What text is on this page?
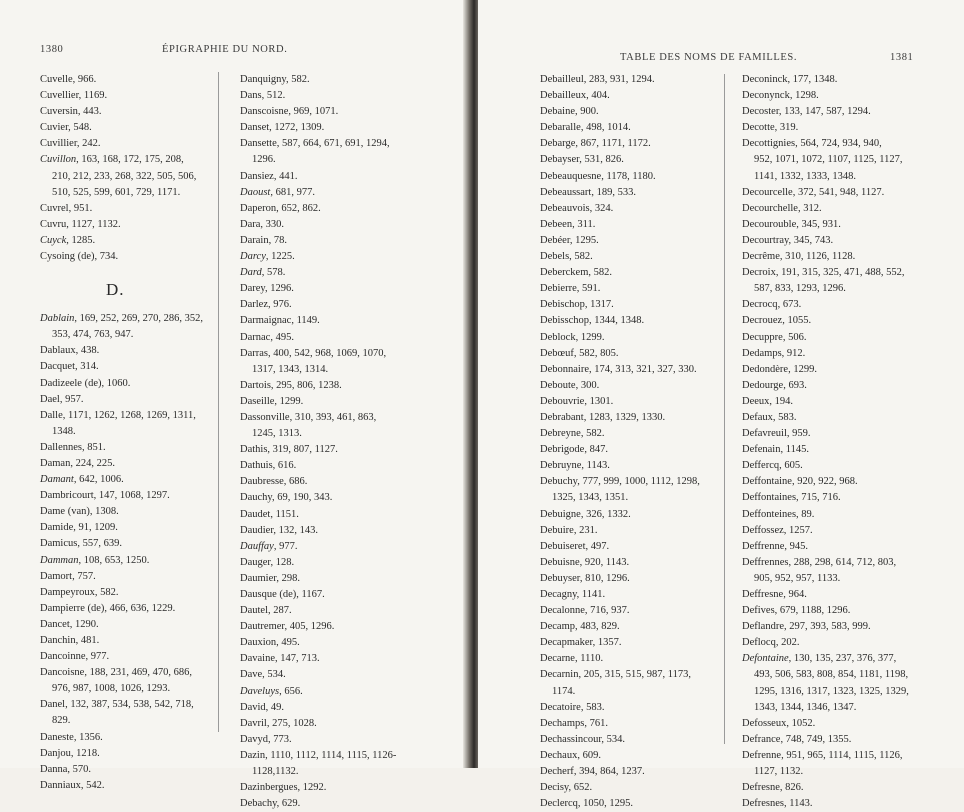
1380	ÉPIGRAPHIE DU NORD.
Cuvelle, 966.
Cuvellier, 1169.
Cuversin, 443.
Cuvier, 548.
Cuvillier, 242.
Cuvillon, 163, 168, 172, 175, 208,
210, 212, 233, 268, 322, 505, 506,
510, 525, 599, 601, 729, 1171.
Cuvrel, 951.
Cuvru, 1127, 1132.
Cuyck, 1285.
Cysoing (de), 734.
D.
Dablain, 169, 252, 269, 270, 286, 352,
353, 474, 763, 947.
Dablaux, 438.
Dacquet, 314.
Dadizeele (de), 1060.
Dael, 957.
Dalle, 1171, 1262, 1268, 1269, 1311,
1348.
Dallennes, 851.
Daman, 224, 225.
Damant, 642, 1006.
Dambricourt, 147, 1068, 1297.
Dame (van), 1308.
Damide, 91, 1209.
Damicus, 557, 639.
Damman, 108, 653, 1250.
Damort, 757.
Dampeyroux, 582.
Dampierre (de), 466, 636, 1229.
Dancet, 1290.
Danchin, 481.
Dancoinne, 977.
Dancoisne, 188, 231, 469, 470, 686,
976, 987, 1008, 1026, 1293.
Danel, 132, 387, 534, 538, 542, 718,
829.
Daneste, 1356.
Danjou, 1218.
Danna, 570.
Danniaux, 542.
Danquigny, 582.
Dans, 512.
Danscoisne, 969, 1071.
Danset, 1272, 1309.
Dansette, 587, 664, 671, 691, 1294,
1296.
Dansiez, 441.
Daoust, 681, 977.
Daperon, 652, 862.
Dara, 330.
Darain, 78.
Darcy, 1225.
Dard, 578.
Darey, 1296.
Darlez, 976.
Darmaignac, 1149.
Darnac, 495.
Darras, 400, 542, 968, 1069, 1070,
1317, 1343, 1314.
Dartois, 295, 806, 1238.
Daseille, 1299.
Dassonville, 310, 393, 461, 863,
1245, 1313.
Dathis, 319, 807, 1127.
Dathuis, 616.
Daubresse, 686.
Dauchy, 69, 190, 343.
Daudet, 1151.
Daudier, 132, 143.
Dauffay, 977.
Dauger, 128.
Daumier, 298.
Dausque (de), 1167.
Dautel, 287.
Dautremer, 405, 1296.
Dauxion, 495.
Davaine, 147, 713.
Dave, 534.
Daveluys, 656.
David, 49.
Davril, 275, 1028.
Davyd, 773.
Dazin, 1110, 1112, 1114, 1115, 1126-
1128,1132.
Dazinbergues, 1292.
Debachy, 629.
TABLE DES NOMS DE FAMILLES.	1381
Debailleul, 283, 931, 1294.
Debailleux, 404.
Debaine, 900.
Debaralle, 498, 1014.
Debarge, 867, 1171, 1172.
Debayser, 531, 826.
Debeauquesne, 1178, 1180.
Debeaussart, 189, 533.
Debeauvois, 324.
Debeen, 311.
Debéer, 1295.
Debels, 582.
Deberckem, 582.
Debierre, 591.
Debischop, 1317.
Debisschop, 1344, 1348.
Deblock, 1299.
Debœuf, 582, 805.
Debonnaire, 174, 313, 321, 327, 330.
Deboute, 300.
Debouvrie, 1301.
Debrabant, 1283, 1329, 1330.
Debreyne, 582.
Debrigode, 847.
Debruyne, 1143.
Debuchy, 777, 999, 1000, 1112, 1298,
1325, 1343, 1351.
Debuigne, 326, 1332.
Debuire, 231.
Debuiseret, 497.
Debuisne, 920, 1143.
Debuyser, 810, 1296.
Decagny, 1141.
Decalonne, 716, 937.
Decamp, 483, 829.
Decapmaker, 1357.
Decarne, 1110.
Decarnin, 205, 315, 515, 987, 1173,
1174.
Decatoire, 583.
Dechamps, 761.
Dechassincour, 534.
Dechaux, 609.
Decherf, 394, 864, 1237.
Decisy, 652.
Declercq, 1050, 1295.
Deconinck, 177, 1348.
Deconynck, 1298.
Decoster, 133, 147, 587, 1294.
Decotte, 319.
Decottignies, 564, 724, 934, 940,
952, 1071, 1072, 1107, 1125, 1127,
1141, 1332, 1333, 1348.
Decourcelle, 372, 541, 948, 1127.
Decourchelle, 312.
Decourouble, 345, 931.
Decourtray, 345, 743.
Decrême, 310, 1126, 1128.
Decroix, 191, 315, 325, 471, 488, 552,
587, 833, 1293, 1296.
Decrocq, 673.
Decrouez, 1055.
Decuppre, 506.
Dedamps, 912.
Dedondère, 1299.
Dedourge, 693.
Deeux, 194.
Defaux, 583.
Defavreuil, 959.
Defenain, 1145.
Deffercq, 605.
Deffontaine, 920, 922, 968.
Deffontaines, 715, 716.
Deffonteines, 89.
Deffossez, 1257.
Deffrenne, 945.
Deffrennes, 288, 298, 614, 712, 803,
905, 952, 957, 1133.
Deffresne, 964.
Defives, 679, 1188, 1296.
Deflandre, 297, 393, 583, 999.
Deflocq, 202.
Defontaine, 130, 135, 237, 376, 377,
493, 506, 583, 808, 854, 1181, 1198,
1295, 1316, 1317, 1323, 1325, 1329,
1343, 1344, 1346, 1347.
Defosseux, 1052.
Defrance, 748, 749, 1355.
Defrenne, 951, 965, 1114, 1115, 1126,
1127, 1132.
Defresne, 826.
Defresnes, 1143.
